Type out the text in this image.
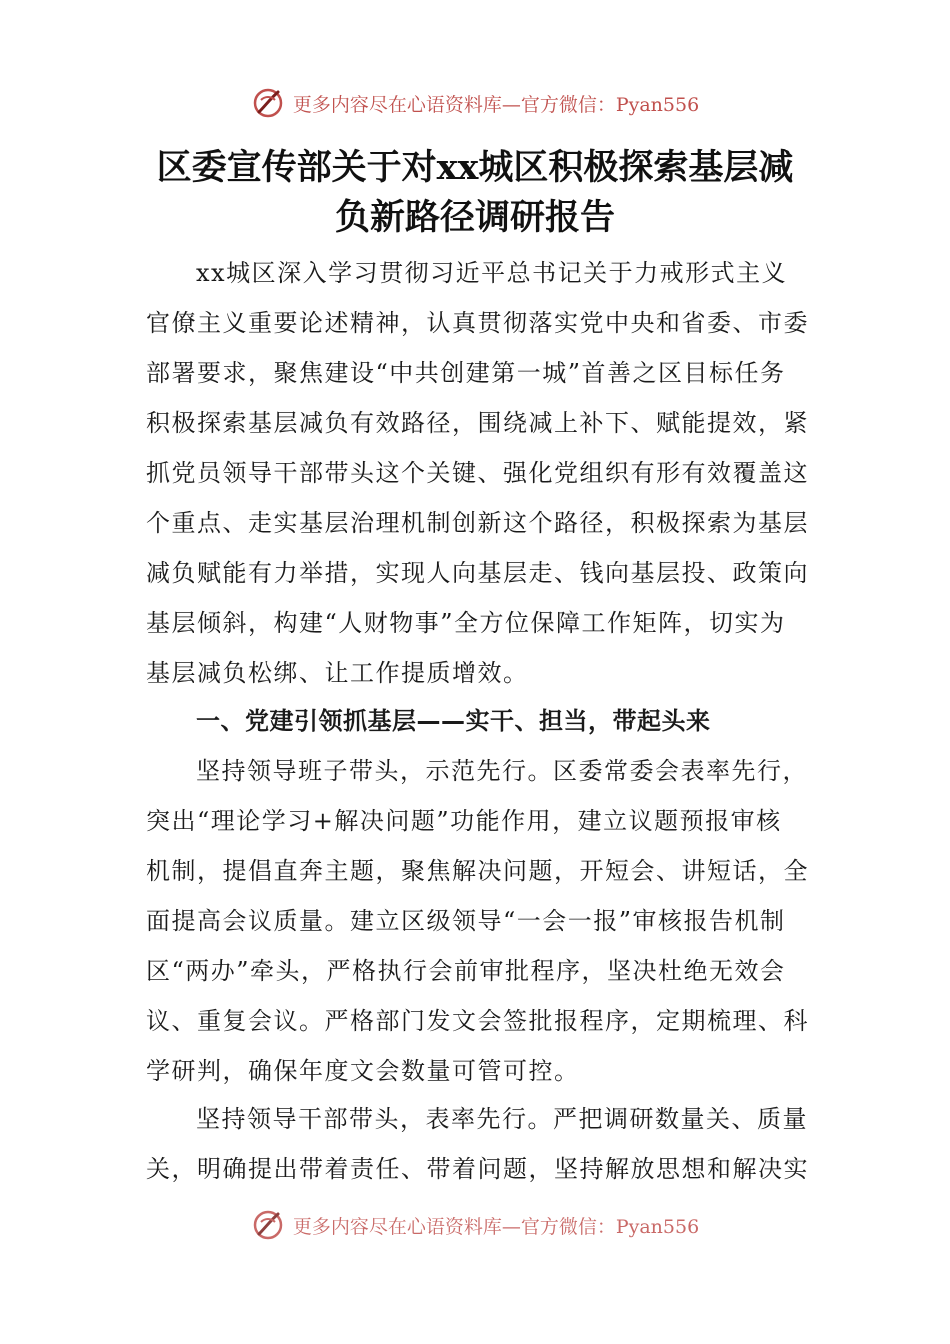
更多内容尽在心语资料库—官方微信：Pyan556
区委宣传部关于对xx城区积极探索基层减
负新路径调研报告
xx城区深入学习贯彻习近平总书记关于力戒形式主义
官僚主义重要论述精神，认真贯彻落实党中央和省委、市委
部署要求，聚焦建设“中共创建第一城”首善之区目标任务
积极探索基层减负有效路径，围绕减上补下、赋能提效，紧
抓党员领导干部带头这个关键、强化党组织有形有效覆盖这
个重点、走实基层治理机制创新这个路径，积极探索为基层
减负赋能有力举措，实现人向基层走、钱向基层投、政策向
基层倾斜，构建“人财物事”全方位保障工作矩阵，切实为
基层减负松绑、让工作提质增效。
一、党建引领抓基层——实干、担当，带起头来
坚持领导班子带头，示范先行。区委常委会表率先行，
突出“理论学习+解决问题”功能作用，建立议题预报审核
机制，提倡直奔主题，聚焦解决问题，开短会、讲短话，全
面提高会议质量。建立区级领导“一会一报”审核报告机制
区“两办”牵头，严格执行会前审批程序，坚决杜绝无效会
议、重复会议。严格部门发文会签批报程序，定期梳理、科
学研判，确保年度文会数量可管可控。
坚持领导干部带头，表率先行。严把调研数量关、质量
关，明确提出带着责任、带着问题，坚持解放思想和解决实
更多内容尽在心语资料库—官方微信：Pyan556
